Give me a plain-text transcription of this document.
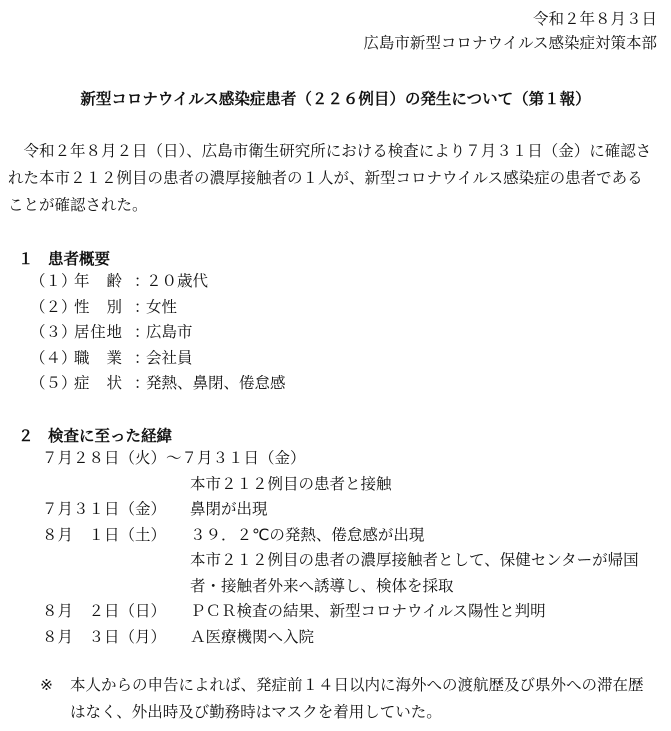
令和２年８月３日
広島市新型コロナウイルス感染症対策本部
新型コロナウイルス感染症患者（２２６例目）の発生について（第１報）
令和２年８月２日（日）、広島市衛生研究所における検査により７月３１日（金）に確認された本市２１２例目の患者の濃厚接触者の１人が、新型コロナウイルス感染症の患者であることが確認された。
１ 患者概要
（１）年　齢 ：２０歳代
（２）性　別 ：女性
（３）居住地 ：広島市
（４）職　業 ：会社員
（５）症　状 ：発熱、鼻閉、倦怠感
２ 検査に至った経緯
７月２８日（火）～７月３１日（金）
本市２１２例目の患者と接触
７月３１日（金） 鼻閉が出現
８月　１日（土） ３９．２℃の発熱、倦怠感が出現
本市２１２例目の患者の濃厚接触者として、保健センターが帰国者・接触者外来へ誘導し、検体を採取
８月　２日（日） ＰＣＲ検査の結果、新型コロナウイルス陽性と判明
８月　３日（月） Ａ医療機関へ入院
※	本人からの申告によれば、発症前１４日以内に海外への渡航歴及び県外への滞在歴はなく、外出時及び勤務時はマスクを着用していた。
